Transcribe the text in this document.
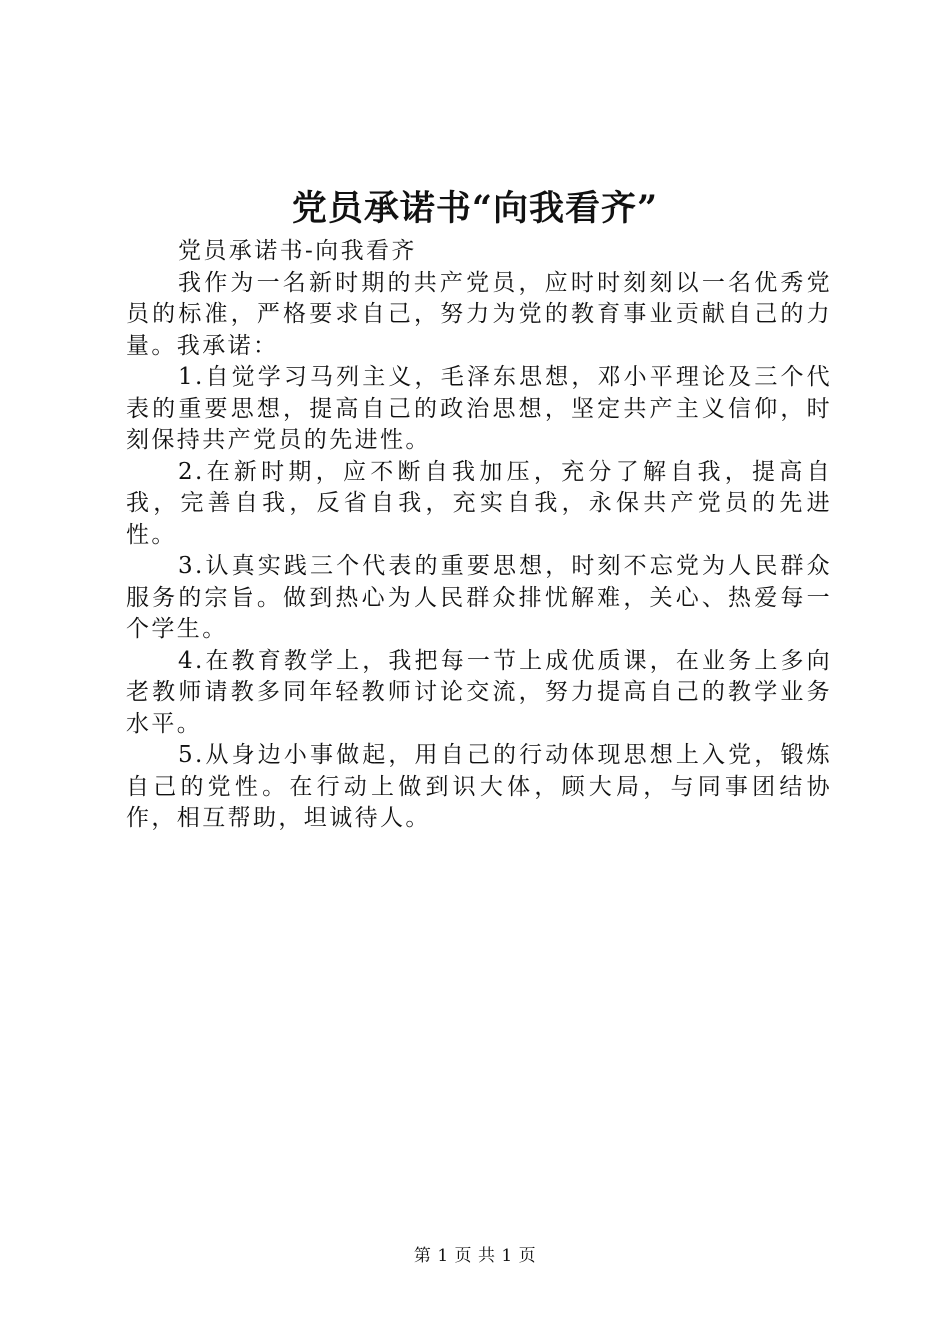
党员承诺书“向我看齐”

党员承诺书-向我看齐

我作为一名新时期的共产党员，应时时刻刻以一名优秀党员的标准，严格要求自己，努力为党的教育事业贡献自己的力量。我承诺：

1.自觉学习马列主义，毛泽东思想，邓小平理论及三个代表的重要思想，提高自己的政治思想，坚定共产主义信仰，时刻保持共产党员的先进性。

2.在新时期，应不断自我加压，充分了解自我，提高自我，完善自我，反省自我，充实自我，永保共产党员的先进性。

3.认真实践三个代表的重要思想，时刻不忘党为人民群众服务的宗旨。做到热心为人民群众排忧解难，关心、热爱每一个学生。

4.在教育教学上，我把每一节上成优质课，在业务上多向老教师请教多同年轻教师讨论交流，努力提高自己的教学业务水平。

5.从身边小事做起，用自己的行动体现思想上入党，锻炼自己的党性。在行动上做到识大体，顾大局，与同事团结协作，相互帮助，坦诚待人。

第 1 页 共 1 页
